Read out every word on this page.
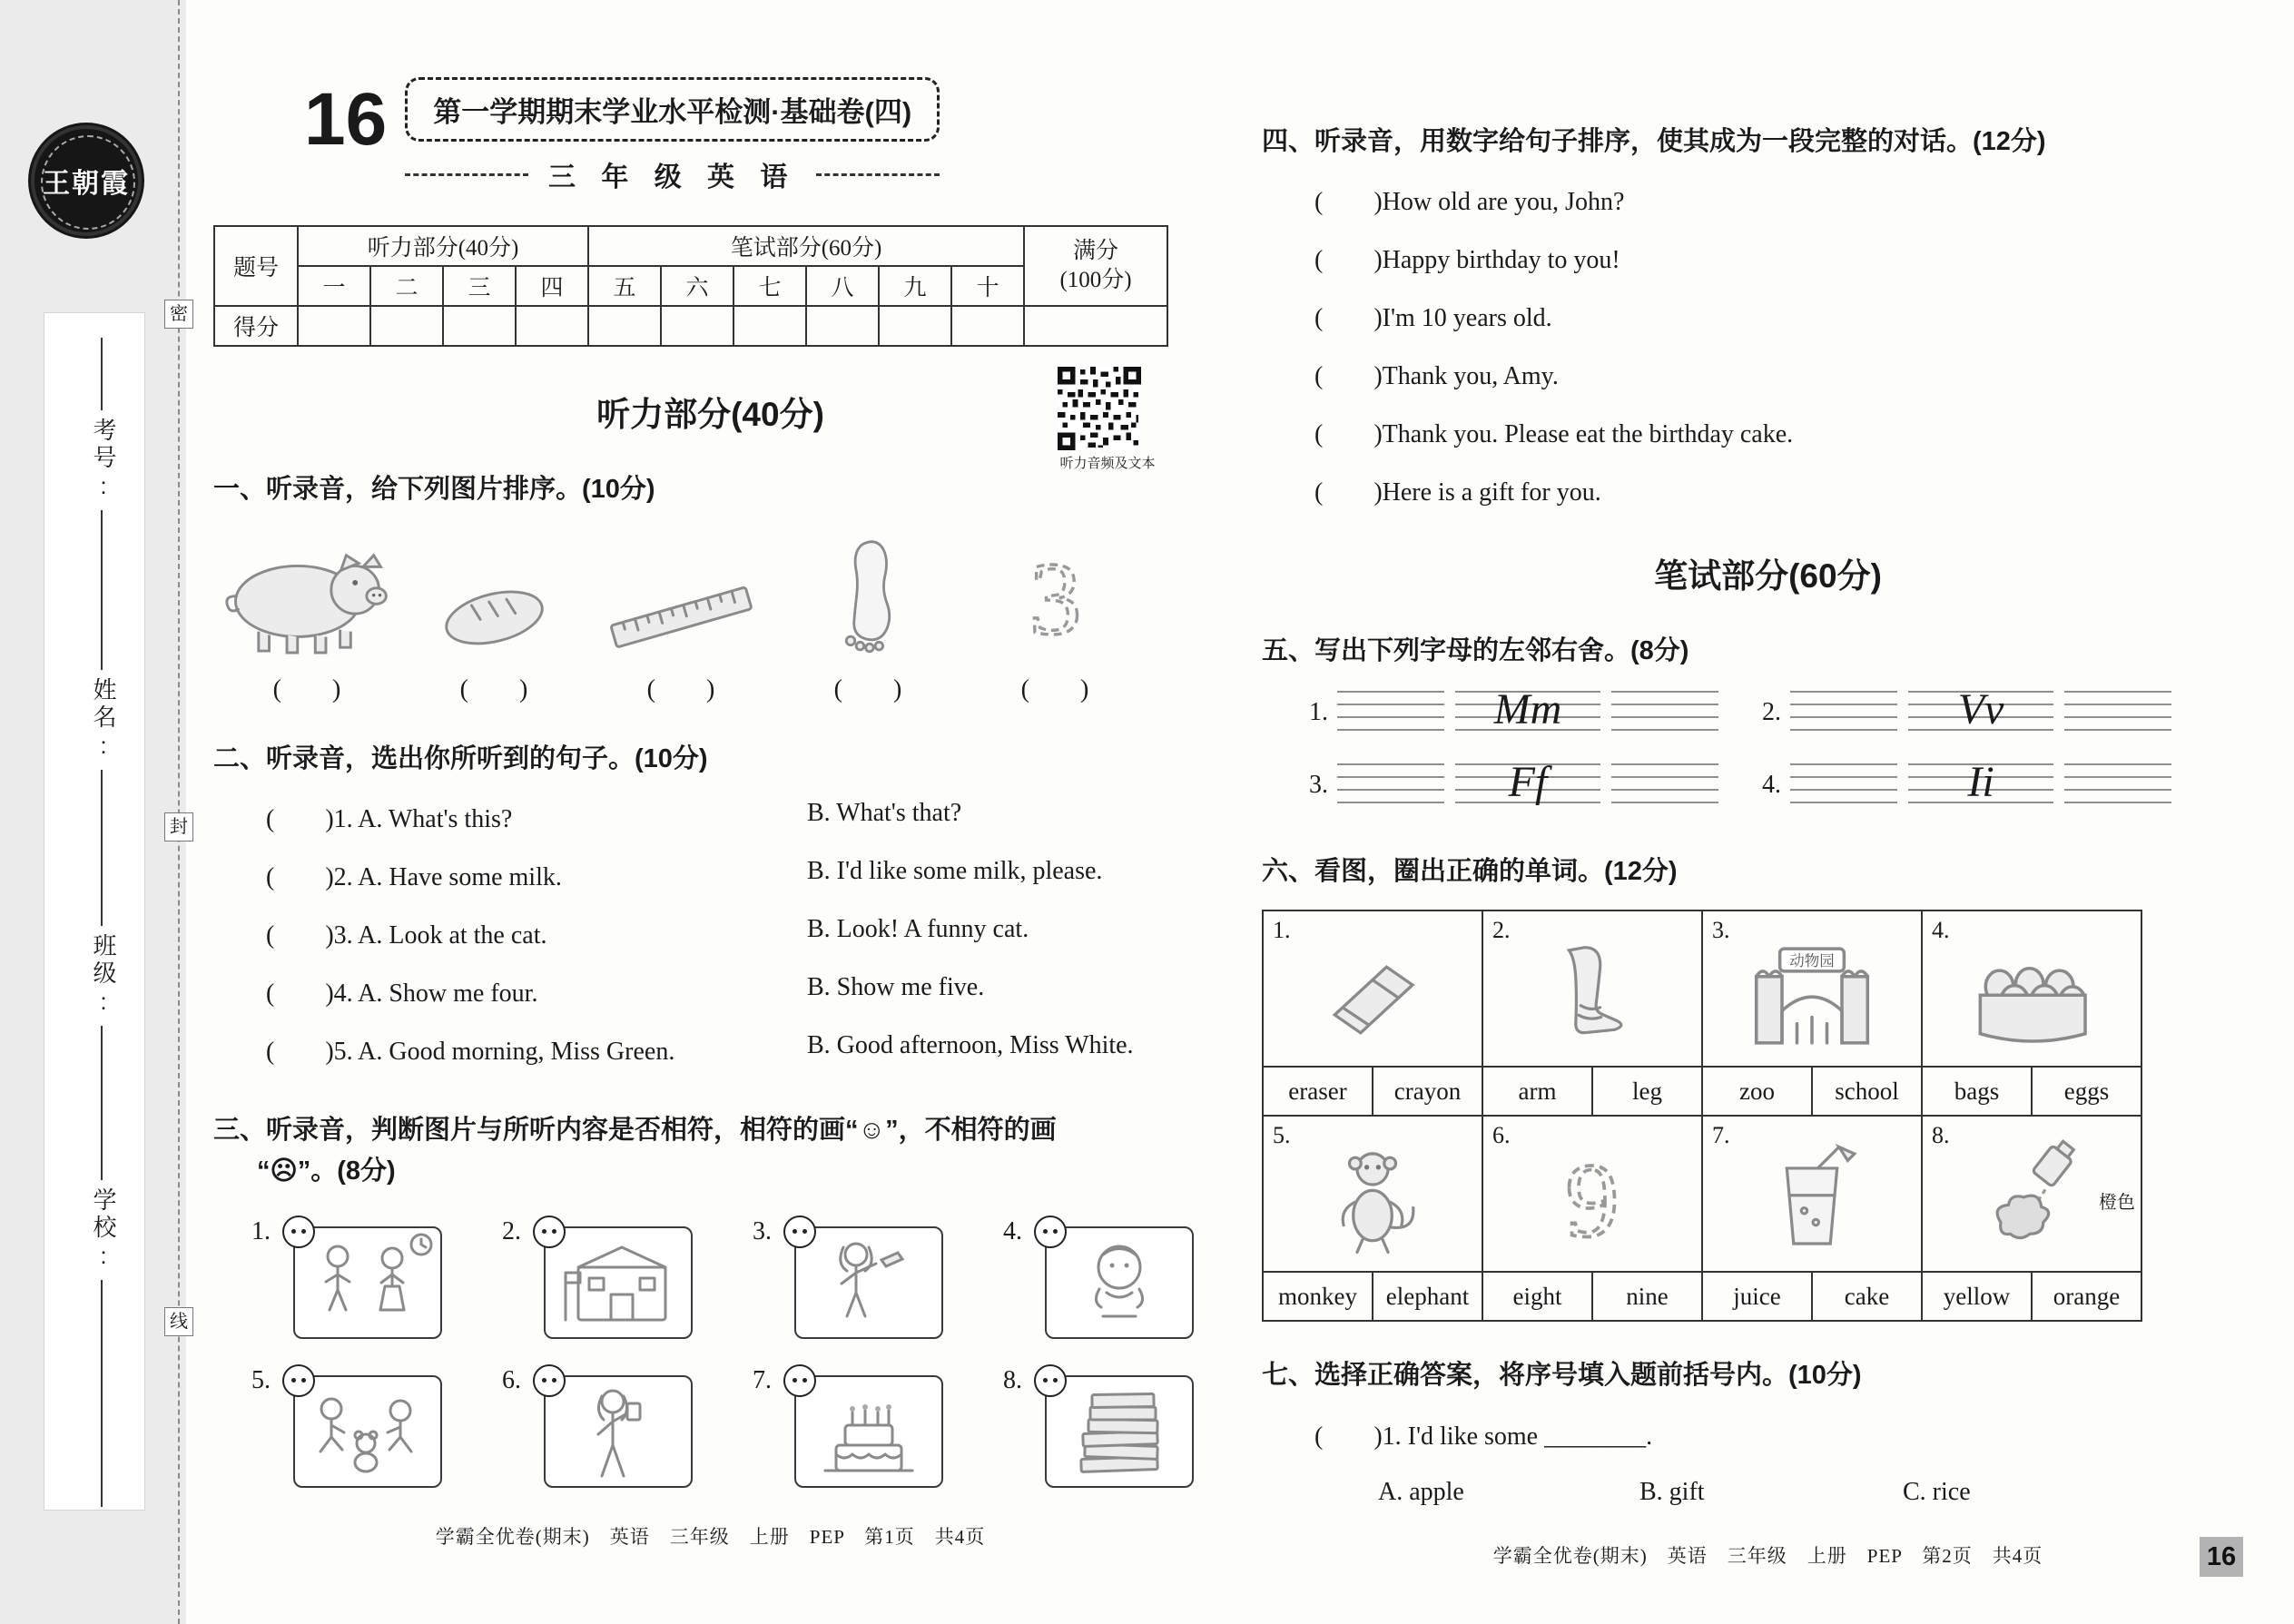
王朝霞
考号:
姓名:
班级:
学校:
密
封
线
16	第一学期期末学业水平检测·基础卷(四)
三 年 级 英 语
题号	听力部分(40分)				笔试部分(60分)						满分
(100分)

	一	二	三	四	五	六	七	八	九	十	
得分											
听力部分(40分)
听力音频及文本
一、听录音，给下列图片排序。(10分)
(　　)	(　　)	(　　)	(　　)
3
(　　)
二、听录音，选出你所听到的句子。(10分)
(　　)1. A. What's this?	B. What's that?
(　　)2. A. Have some milk.	B. I'd like some milk, please.
(　　)3. A. Look at the cat.	B. Look! A funny cat.
(　　)4. A. Show me four.	B. Show me five.
(　　)5. A. Good morning, Miss Green.	B. Good afternoon, Miss White.
三、听录音，判断图片与所听内容是否相符，相符的画“☺”，不相符的画
“☹”。(8分)
1.	2.	3.	4.
5.	6.	7.	8.
学霸全优卷(期末)　英语　三年级　上册　PEP　第1页　共4页
四、听录音，用数字给句子排序，使其成为一段完整的对话。(12分)
(　　)How old are you, John?
(　　)Happy birthday to you!
(　　)I'm 10 years old.
(　　)Thank you, Amy.
(　　)Thank you. Please eat the birthday cake.
(　　)Here is a gift for you.
笔试部分(60分)
五、写出下列字母的左邻右舍。(8分)
1.	Mm	2.	Vv
3.	Ff	4.	Ii
六、看图，圈出正确的单词。(12分)
1.		2.		3.
动物园		4.	

eraser	crayon	arm	leg	zoo	school	bags	eggs

5.		6.
9		7.		8.
橙色	

monkey	elephant	eight	nine	juice	cake	yellow	orange
七、选择正确答案，将序号填入题前括号内。(10分)
(　　)1. I'd like some ________.
A. apple	B. gift	C. rice
学霸全优卷(期末)　英语　三年级　上册　PEP　第2页　共4页	16
